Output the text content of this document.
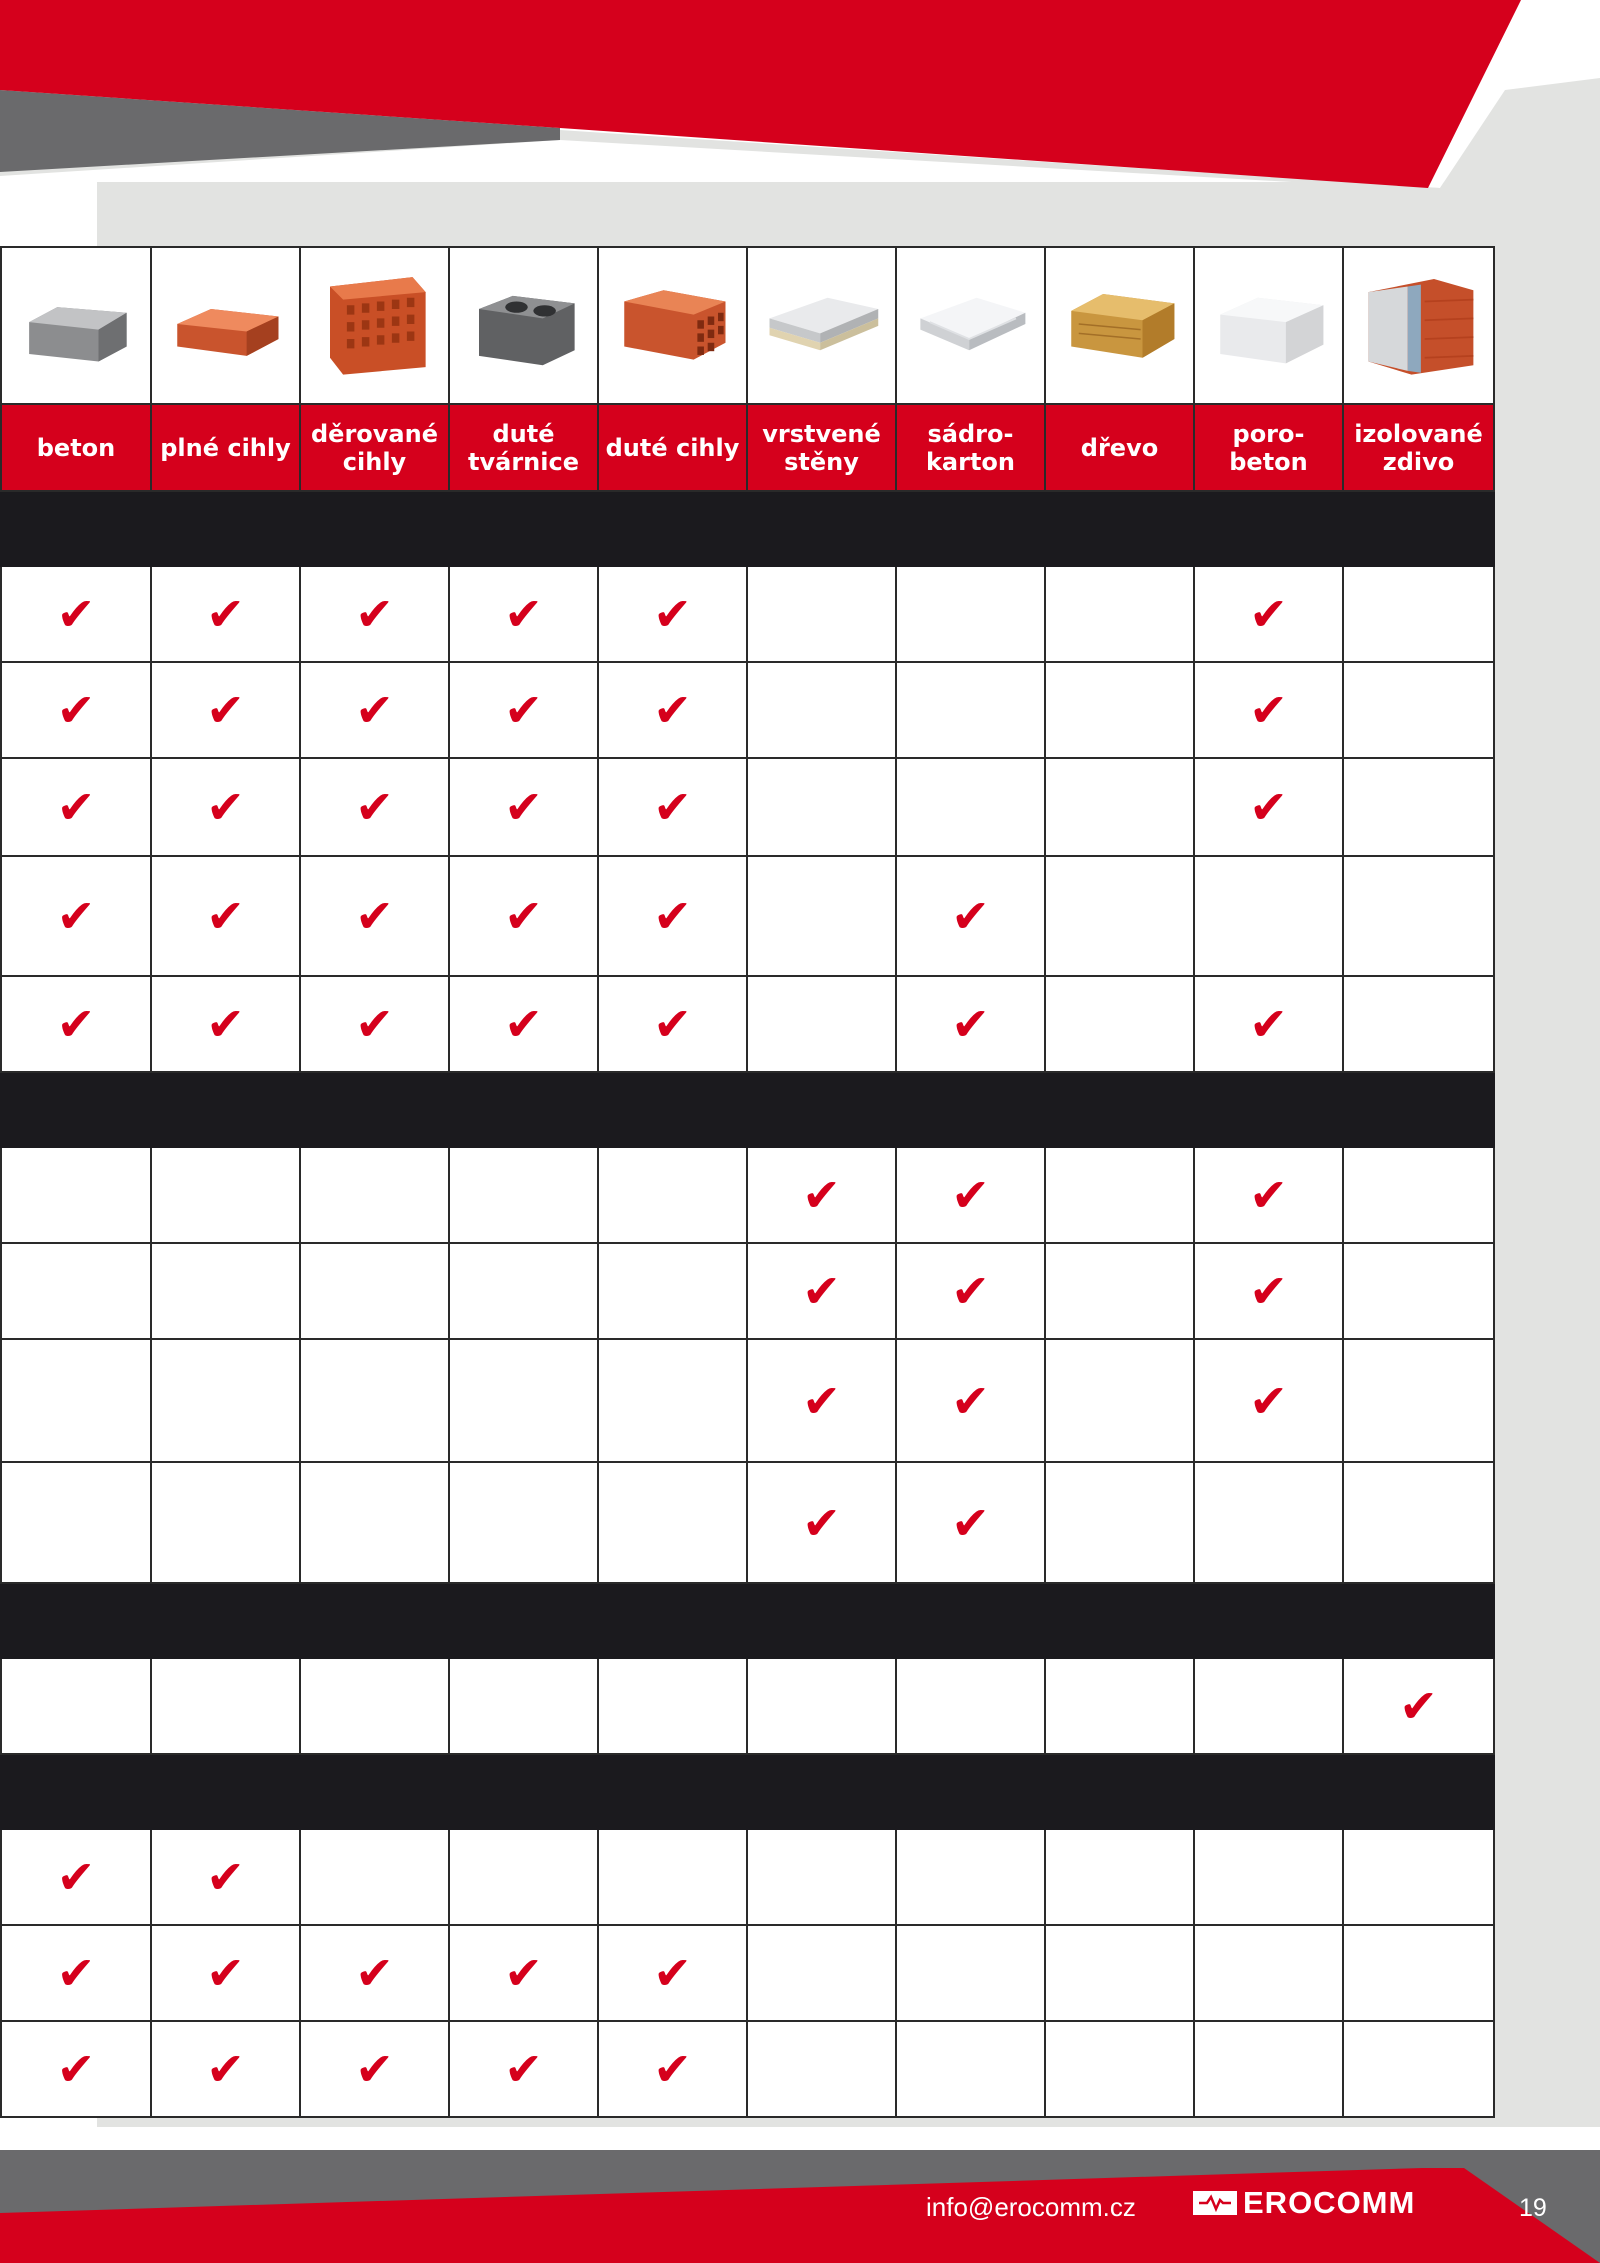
beton	plné cihly	děrované cihly	duté tvárnice	duté cihly	vrstvené stěny	sádro-karton	dřevo	poro-beton	izolované zdivo

✔	✔	✔	✔	✔				✔	
✔	✔	✔	✔	✔				✔	
✔	✔	✔	✔	✔				✔	
✔	✔	✔	✔	✔		✔			
✔	✔	✔	✔	✔		✔		✔	

					✔	✔		✔	
					✔	✔		✔	
					✔	✔		✔	
					✔	✔			

									✔

✔	✔								
✔	✔	✔	✔	✔					
✔	✔	✔	✔	✔					
info@erocomm.cz	EROCOMM	19
